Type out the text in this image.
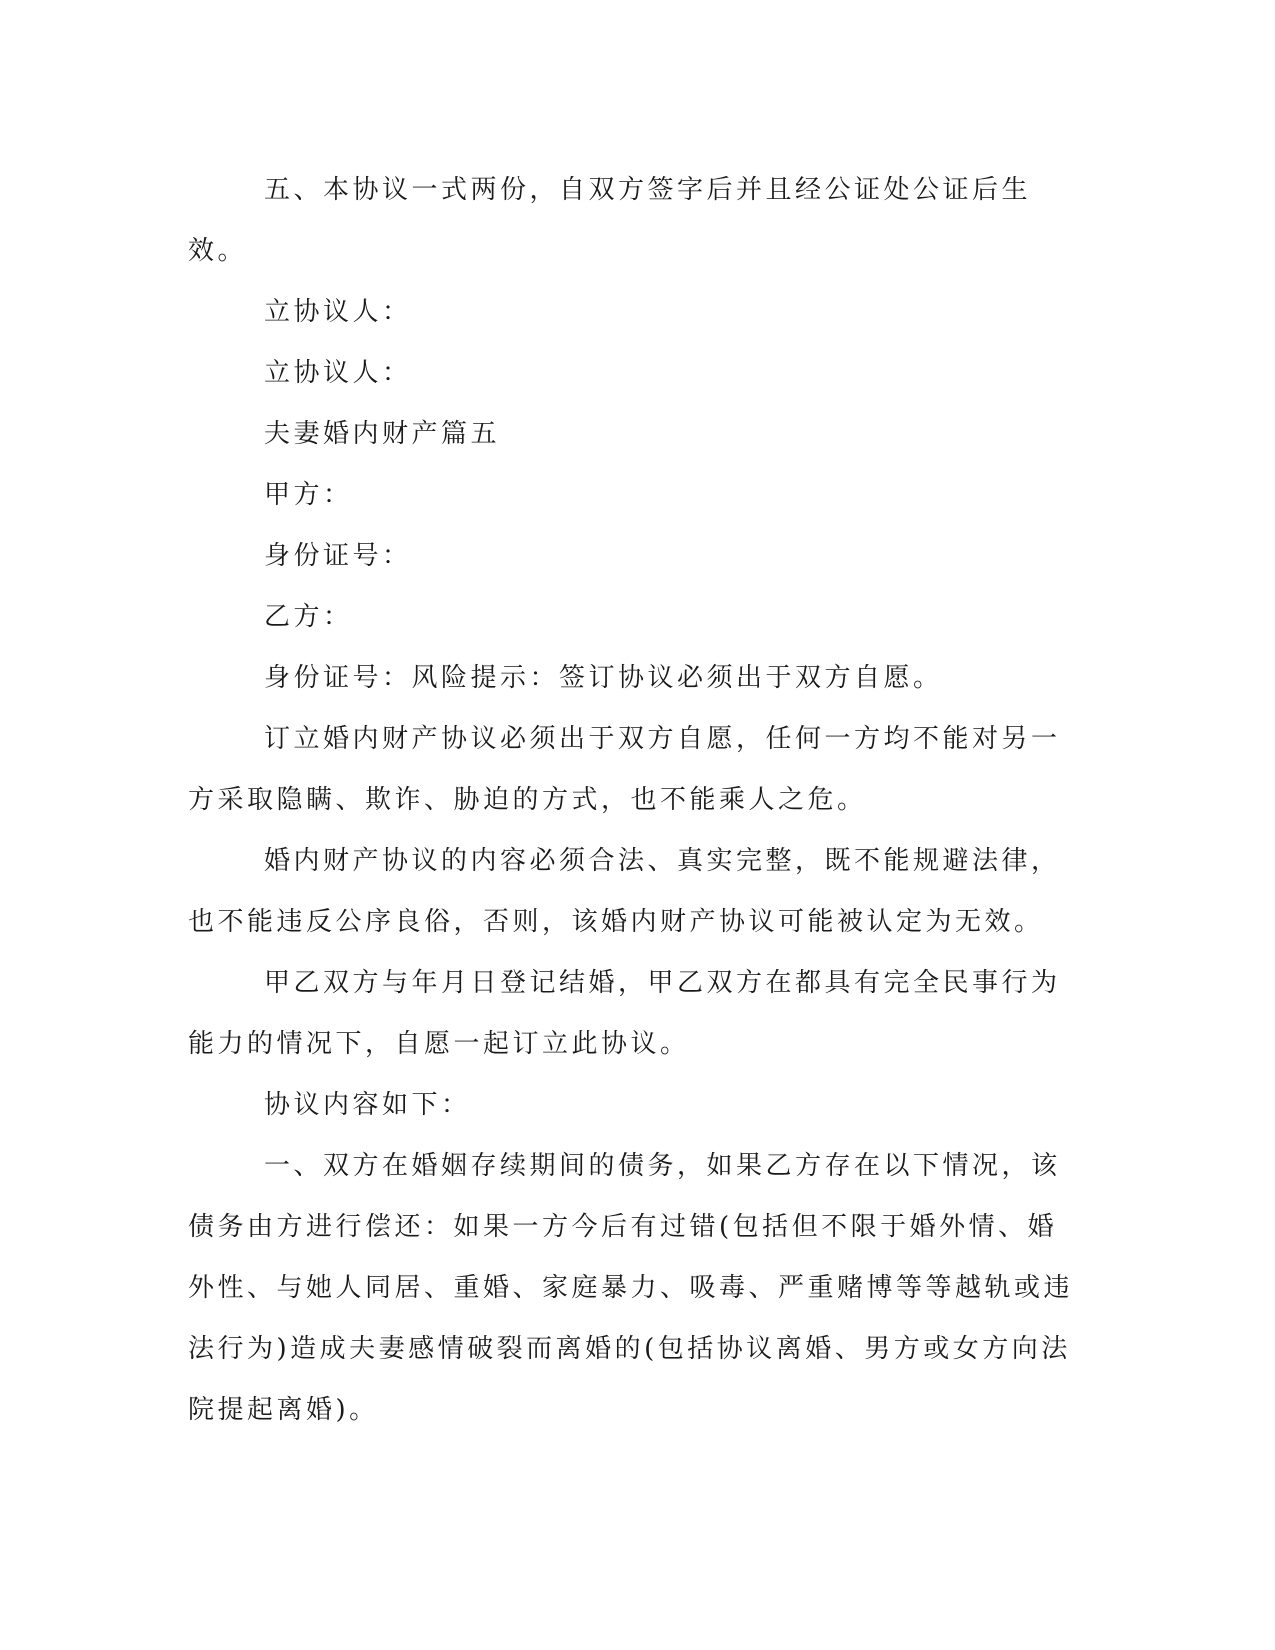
五、本协议一式两份，自双方签字后并且经公证处公证后生效。

立协议人：

立协议人：

夫妻婚内财产篇五

甲方：

身份证号：

乙方：

身份证号：风险提示：签订协议必须出于双方自愿。

订立婚内财产协议必须出于双方自愿，任何一方均不能对另一方采取隐瞒、欺诈、胁迫的方式，也不能乘人之危。

婚内财产协议的内容必须合法、真实完整，既不能规避法律，也不能违反公序良俗，否则，该婚内财产协议可能被认定为无效。

甲乙双方与年月日登记结婚，甲乙双方在都具有完全民事行为能力的情况下，自愿一起订立此协议。

协议内容如下：

一、双方在婚姻存续期间的债务，如果乙方存在以下情况，该债务由方进行偿还：如果一方今后有过错(包括但不限于婚外情、婚外性、与她人同居、重婚、家庭暴力、吸毒、严重赌博等等越轨或违法行为)造成夫妻感情破裂而离婚的(包括协议离婚、男方或女方向法院提起离婚)。
